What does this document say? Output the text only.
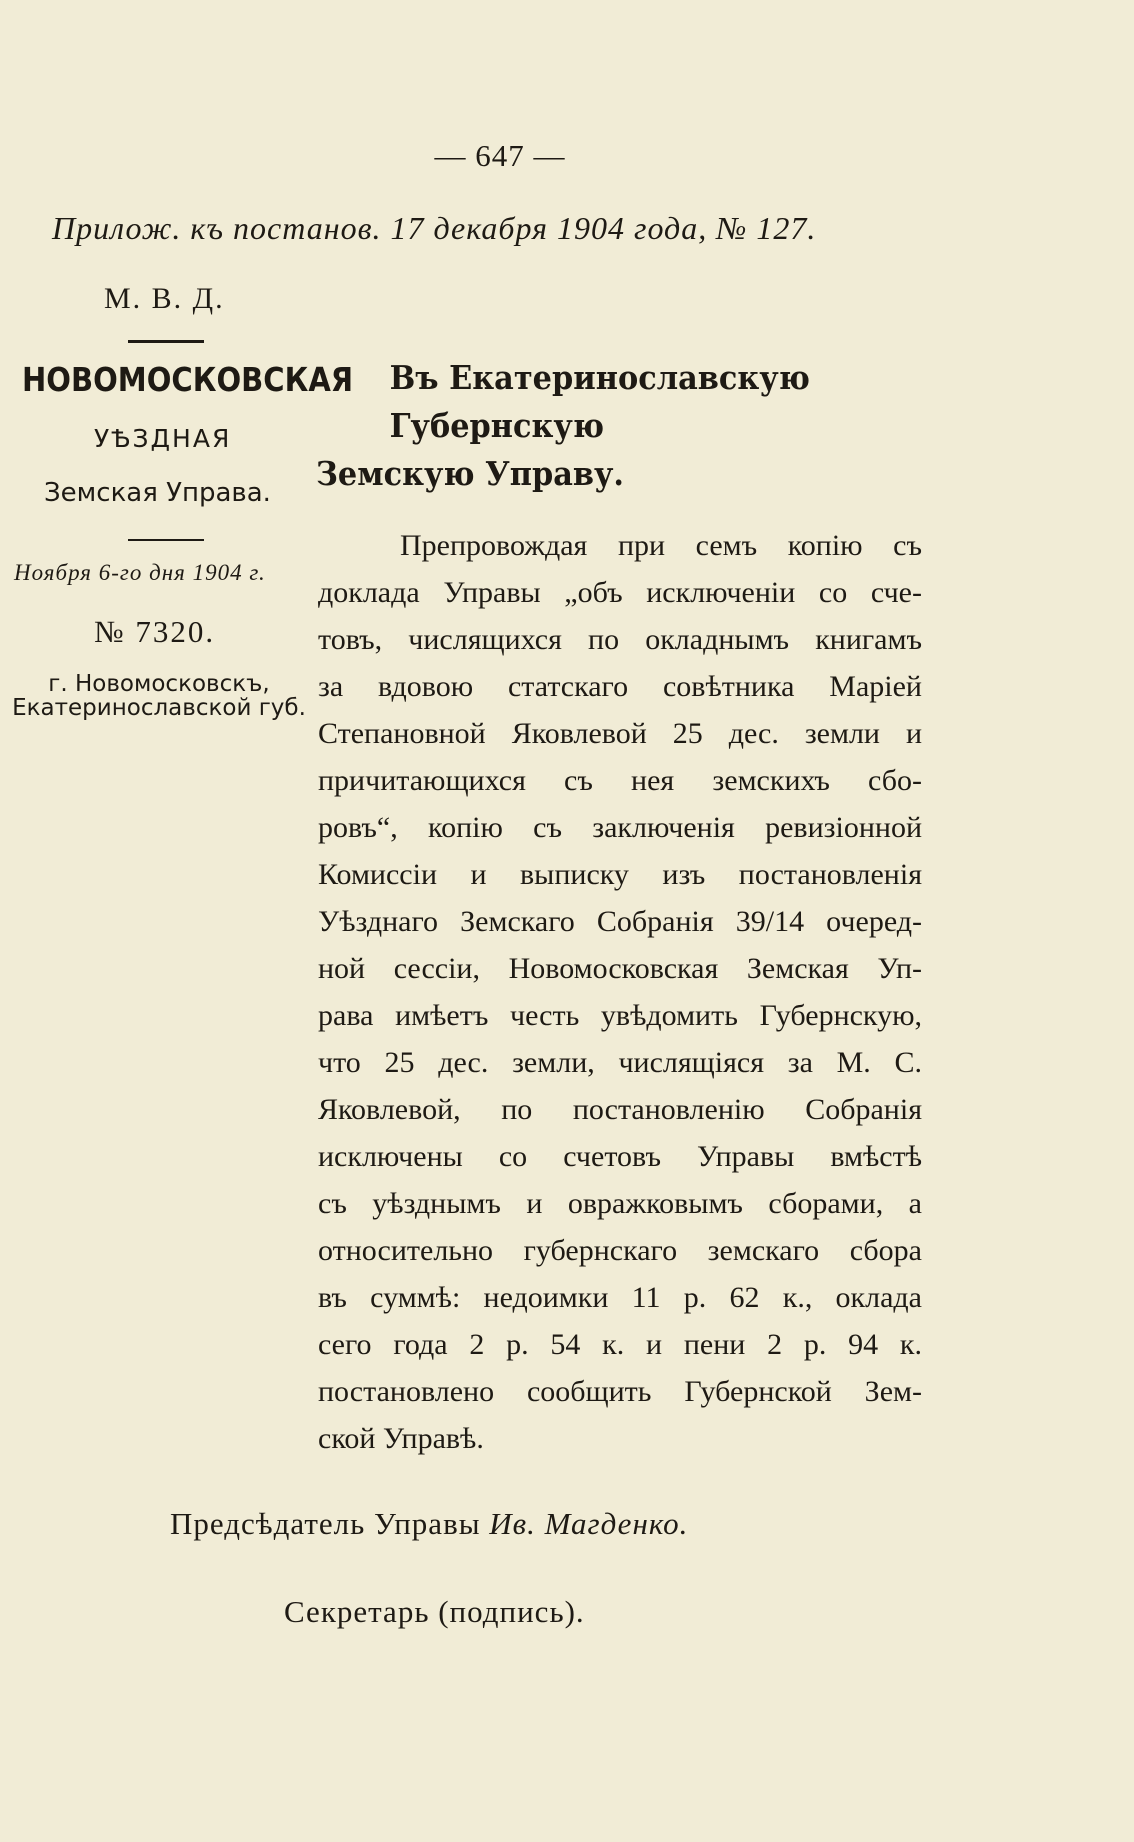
— 647 —
Прилож. къ постанов. 17 декабря 1904 года, № 127.
М. В. Д.
НОВОМОСКОВСКАЯ
УѢЗДНАЯ
Земская Управа.
Ноября 6-го дня 1904 г.
№ 7320.
г. Новомосковскъ, Екатеринославской губ.
Въ Екатеринославскую Губернскую
Земскую Управу.
Препровождая при семъ копію съ
доклада Управы „объ исключеніи со сче-
товъ, числящихся по окладнымъ книгамъ
за вдовою статскаго совѣтника Маріей
Степановной Яковлевой 25 дес. земли и
причитающихся съ нея земскихъ сбо-
ровъ“, копію съ заключенія ревизіонной
Комиссіи и выписку изъ постановленія
Уѣзднаго Земскаго Собранія 39/14 очеред-
ной сессіи, Новомосковская Земская Уп-
рава имѣетъ честь увѣдомить Губернскую,
что 25 дес. земли, числящіяся за М. С.
Яковлевой, по постановленію Собранія
исключены со счетовъ Управы вмѣстѣ
съ уѣзднымъ и овражковымъ сборами, а
относительно губернскаго земскаго сбора
въ суммѣ: недоимки 11 р. 62 к., оклада
сего года 2 р. 54 к. и пени 2 р. 94 к.
постановлено сообщить Губернской Зем-
ской Управѣ.
Предсѣдатель Управы Ив. Магденко.
Секретарь (подпись).
